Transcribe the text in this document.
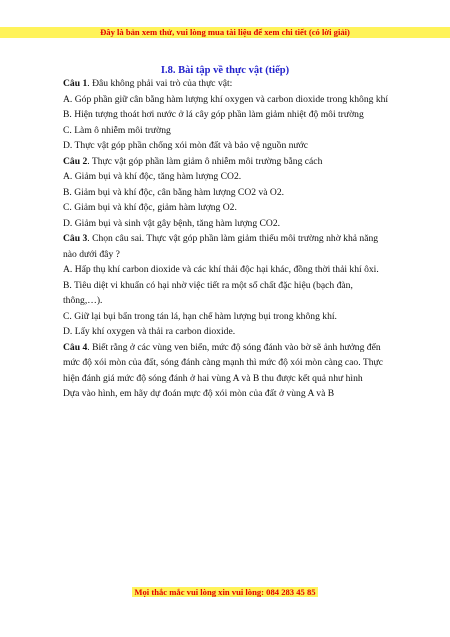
Đây là bản xem thử, vui lòng mua tài liệu để xem chi tiết (có lời giải)
I.8. Bài tập về thực vật (tiếp)

Câu 1. Đâu không phải vai trò của thực vật:

A. Góp phần giữ cân bằng hàm lượng khí oxygen và carbon dioxide trong không khí

B. Hiện tượng thoát hơi nước ở lá cây góp phần làm giảm nhiệt độ môi trường

C. Làm ô nhiễm môi trường

D. Thực vật góp phần chống xói mòn đất và bảo vệ nguồn nước

Câu 2. Thực vật góp phần làm giảm ô nhiễm môi trường bằng cách

A. Giảm bụi và khí độc, tăng hàm lượng CO2.

B. Giảm bụi và khí độc, cân bằng hàm lượng CO2 và O2.

C. Giảm bụi và khí độc, giảm hàm lượng O2.

D. Giảm bụi và sinh vật gây bệnh, tăng hàm lượng CO2.

Câu 3. Chọn câu sai. Thực vật góp phần làm giảm thiểu môi trường nhờ khả năng nào dưới đây ?

A. Hấp thụ khí carbon dioxide và các khí thải độc hại khác, đồng thời thải khí ôxi.

B. Tiêu diệt vi khuẩn có hại nhờ việc tiết ra một số chất đặc hiệu (bạch đàn, thông,…).

C. Giữ lại bụi bẩn trong tán lá, hạn chế hàm lượng bụi trong không khí.

D. Lấy khí oxygen và thải ra carbon dioxide.

Câu 4. Biết rằng ở các vùng ven biển, mức độ sóng đánh vào bờ sẽ ảnh hưởng đến mức độ xói mòn của đất, sóng đánh càng mạnh thì mức độ xói mòn càng cao. Thực hiện đánh giá mức độ sóng đánh ở hai vùng A và B thu được kết quả như hình

Dựa vào hình, em hãy dự đoán mực độ xói mòn của đất ở vùng A và B

Mọi thắc mắc vui lòng xin vui lòng: 084 283 45 85
